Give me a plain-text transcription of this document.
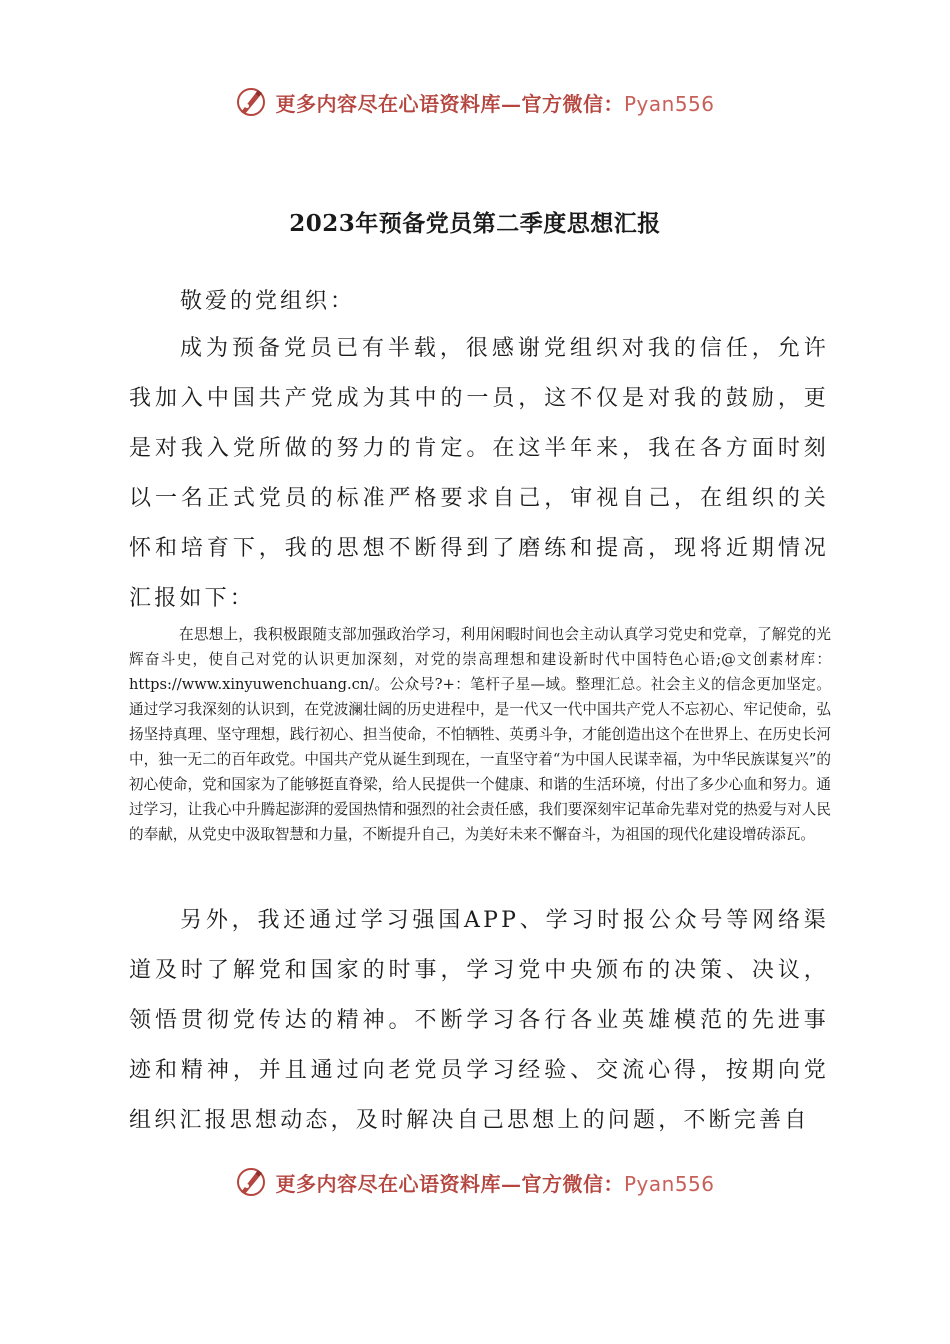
更多内容尽在心语资料库—官方微信：Pyan556
2023年预备党员第二季度思想汇报

敬爱的党组织：

成为预备党员已有半载，很感谢党组织对我的信任，允许我加入中国共产党成为其中的一员，这不仅是对我的鼓励，更是对我入党所做的努力的肯定。在这半年来，我在各方面时刻以一名正式党员的标准严格要求自己，审视自己，在组织的关怀和培育下，我的思想不断得到了磨练和提高，现将近期情况汇报如下：

在思想上，我积极跟随支部加强政治学习，利用闲暇时间也会主动认真学习党史和党章，了解党的光辉奋斗史，使自己对党的认识更加深刻，对党的崇高理想和建设新时代中国特色心语;@文创素材库：https://www.xinyuwenchuang.cn/。公众号?+：笔杆子星—域。整理汇总。社会主义的信念更加坚定。通过学习我深刻的认识到，在党波澜壮阔的历史进程中，是一代又一代中国共产党人不忘初心、牢记使命，弘扬坚持真理、坚守理想，践行初心、担当使命，不怕牺牲、英勇斗争，才能创造出这个在世界上、在历史长河中，独一无二的百年政党。中国共产党从诞生到现在，一直坚守着“为中国人民谋幸福，为中华民族谋复兴”的初心使命，党和国家为了能够挺直脊梁，给人民提供一个健康、和谐的生活环境，付出了多少心血和努力。通过学习，让我心中升腾起澎湃的爱国热情和强烈的社会责任感，我们要深刻牢记革命先辈对党的热爱与对人民的奉献，从党史中汲取智慧和力量，不断提升自己，为美好未来不懈奋斗，为祖国的现代化建设增砖添瓦。

另外，我还通过学习强国APP、学习时报公众号等网络渠道及时了解党和国家的时事，学习党中央颁布的决策、决议，领悟贯彻党传达的精神。不断学习各行各业英雄模范的先进事迹和精神，并且通过向老党员学习经验、交流心得，按期向党组织汇报思想动态，及时解决自己思想上的问题，不断完善自

更多内容尽在心语资料库—官方微信：Pyan556
